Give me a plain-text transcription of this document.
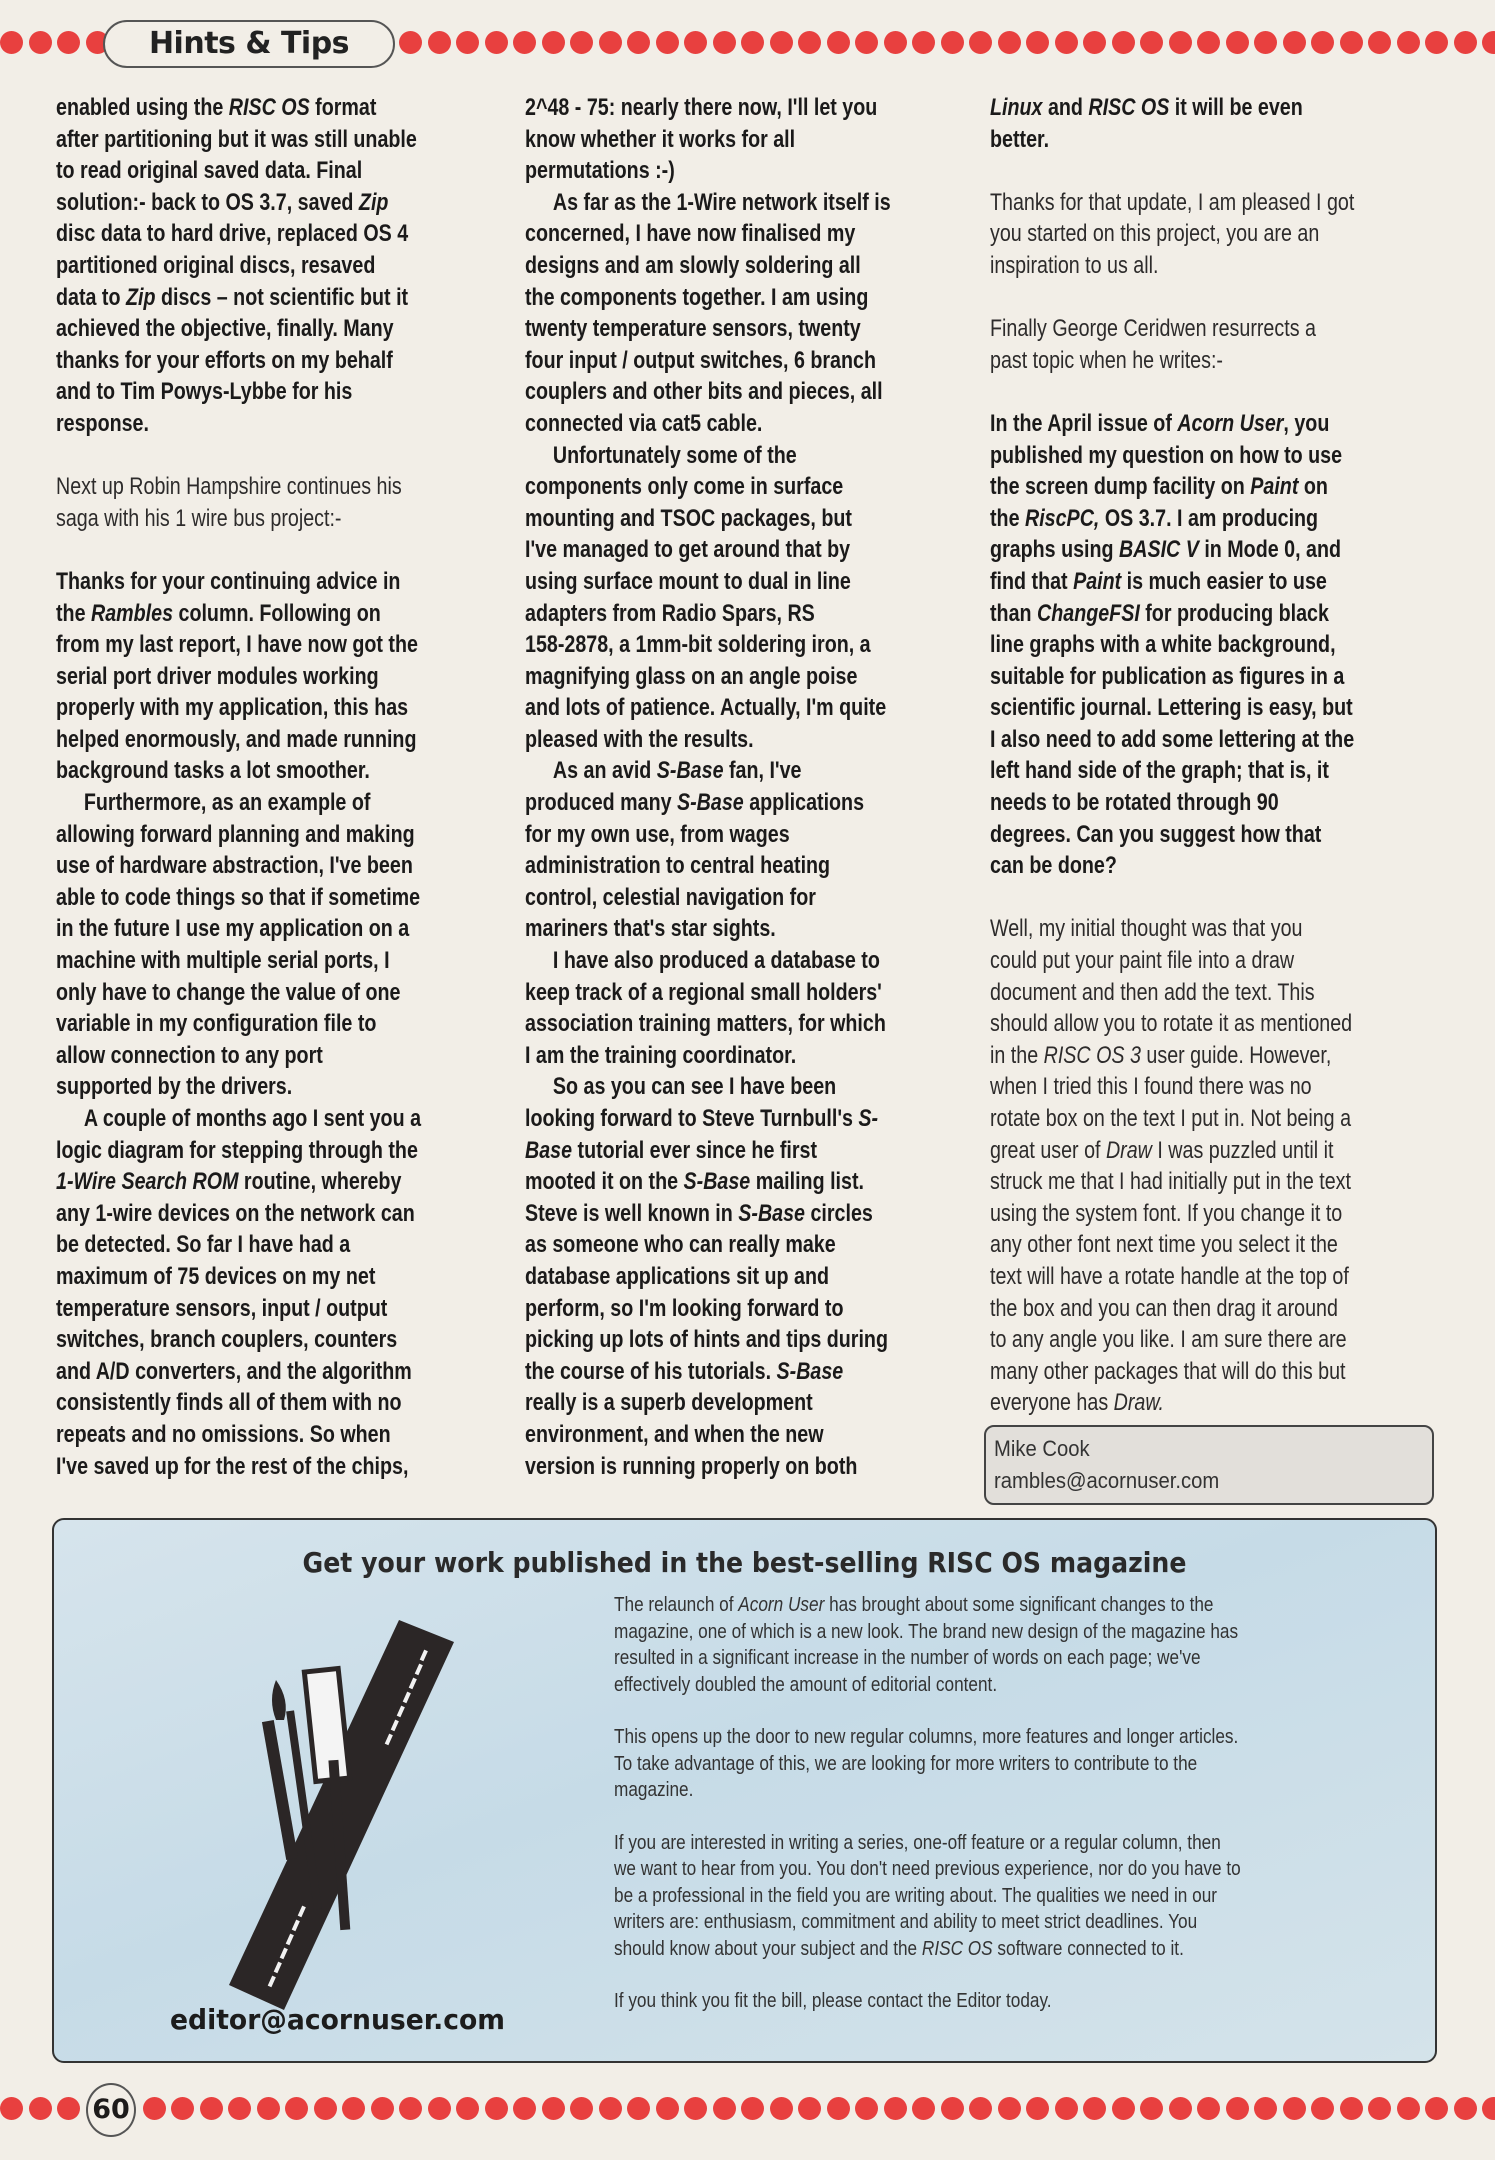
Hints & Tips
enabled using the RISC OS format
after partitioning but it was still unable
to read original saved data. Final
solution:- back to OS 3.7, saved Zip
disc data to hard drive, replaced OS 4
partitioned original discs, resaved
data to Zip discs – not scientific but it
achieved the objective, finally. Many
thanks for your efforts on my behalf
and to Tim Powys-Lybbe for his
response.
Next up Robin Hampshire continues his
saga with his 1 wire bus project:-
Thanks for your continuing advice in
the Rambles column. Following on
from my last report, I have now got the
serial port driver modules working
properly with my application, this has
helped enormously, and made running
background tasks a lot smoother.
Furthermore, as an example of
allowing forward planning and making
use of hardware abstraction, I've been
able to code things so that if sometime
in the future I use my application on a
machine with multiple serial ports, I
only have to change the value of one
variable in my configuration file to
allow connection to any port
supported by the drivers.
A couple of months ago I sent you a
logic diagram for stepping through the
1-Wire Search ROM routine, whereby
any 1-wire devices on the network can
be detected. So far I have had a
maximum of 75 devices on my net
temperature sensors, input / output
switches, branch couplers, counters
and A/D converters, and the algorithm
consistently finds all of them with no
repeats and no omissions. So when
I've saved up for the rest of the chips,
2^48 - 75: nearly there now, I'll let you
know whether it works for all
permutations :-)
As far as the 1-Wire network itself is
concerned, I have now finalised my
designs and am slowly soldering all
the components together. I am using
twenty temperature sensors, twenty
four input / output switches, 6 branch
couplers and other bits and pieces, all
connected via cat5 cable.
Unfortunately some of the
components only come in surface
mounting and TSOC packages, but
I've managed to get around that by
using surface mount to dual in line
adapters from Radio Spars, RS
158-2878, a 1mm-bit soldering iron, a
magnifying glass on an angle poise
and lots of patience. Actually, I'm quite
pleased with the results.
As an avid S-Base fan, I've
produced many S-Base applications
for my own use, from wages
administration to central heating
control, celestial navigation for
mariners that's star sights.
I have also produced a database to
keep track of a regional small holders'
association training matters, for which
I am the training coordinator.
So as you can see I have been
looking forward to Steve Turnbull's S-
Base tutorial ever since he first
mooted it on the S-Base mailing list.
Steve is well known in S-Base circles
as someone who can really make
database applications sit up and
perform, so I'm looking forward to
picking up lots of hints and tips during
the course of his tutorials. S-Base
really is a superb development
environment, and when the new
version is running properly on both
Linux and RISC OS it will be even
better.
Thanks for that update, I am pleased I got
you started on this project, you are an
inspiration to us all.
Finally George Ceridwen resurrects a
past topic when he writes:-
In the April issue of Acorn User, you
published my question on how to use
the screen dump facility on Paint on
the RiscPC, OS 3.7. I am producing
graphs using BASIC V in Mode 0, and
find that Paint is much easier to use
than ChangeFSI for producing black
line graphs with a white background,
suitable for publication as figures in a
scientific journal. Lettering is easy, but
I also need to add some lettering at the
left hand side of the graph; that is, it
needs to be rotated through 90
degrees. Can you suggest how that
can be done?
Well, my initial thought was that you
could put your paint file into a draw
document and then add the text. This
should allow you to rotate it as mentioned
in the RISC OS 3 user guide. However,
when I tried this I found there was no
rotate box on the text I put in. Not being a
great user of Draw I was puzzled until it
struck me that I had initially put in the text
using the system font. If you change it to
any other font next time you select it the
text will have a rotate handle at the top of
the box and you can then drag it around
to any angle you like. I am sure there are
many other packages that will do this but
everyone has Draw.
Mike Cook
rambles@acornuser.com
Get your work published in the best-selling RISC OS magazine
The relaunch of Acorn User has brought about some significant changes to the
magazine, one of which is a new look. The brand new design of the magazine has
resulted in a significant increase in the number of words on each page; we've
effectively doubled the amount of editorial content.
This opens up the door to new regular columns, more features and longer articles.
To take advantage of this, we are looking for more writers to contribute to the
magazine.
If you are interested in writing a series, one-off feature or a regular column, then
we want to hear from you. You don't need previous experience, nor do you have to
be a professional in the field you are writing about. The qualities we need in our
writers are: enthusiasm, commitment and ability to meet strict deadlines. You
should know about your subject and the RISC OS software connected to it.
If you think you fit the bill, please contact the Editor today.
editor@acornuser.com
60
